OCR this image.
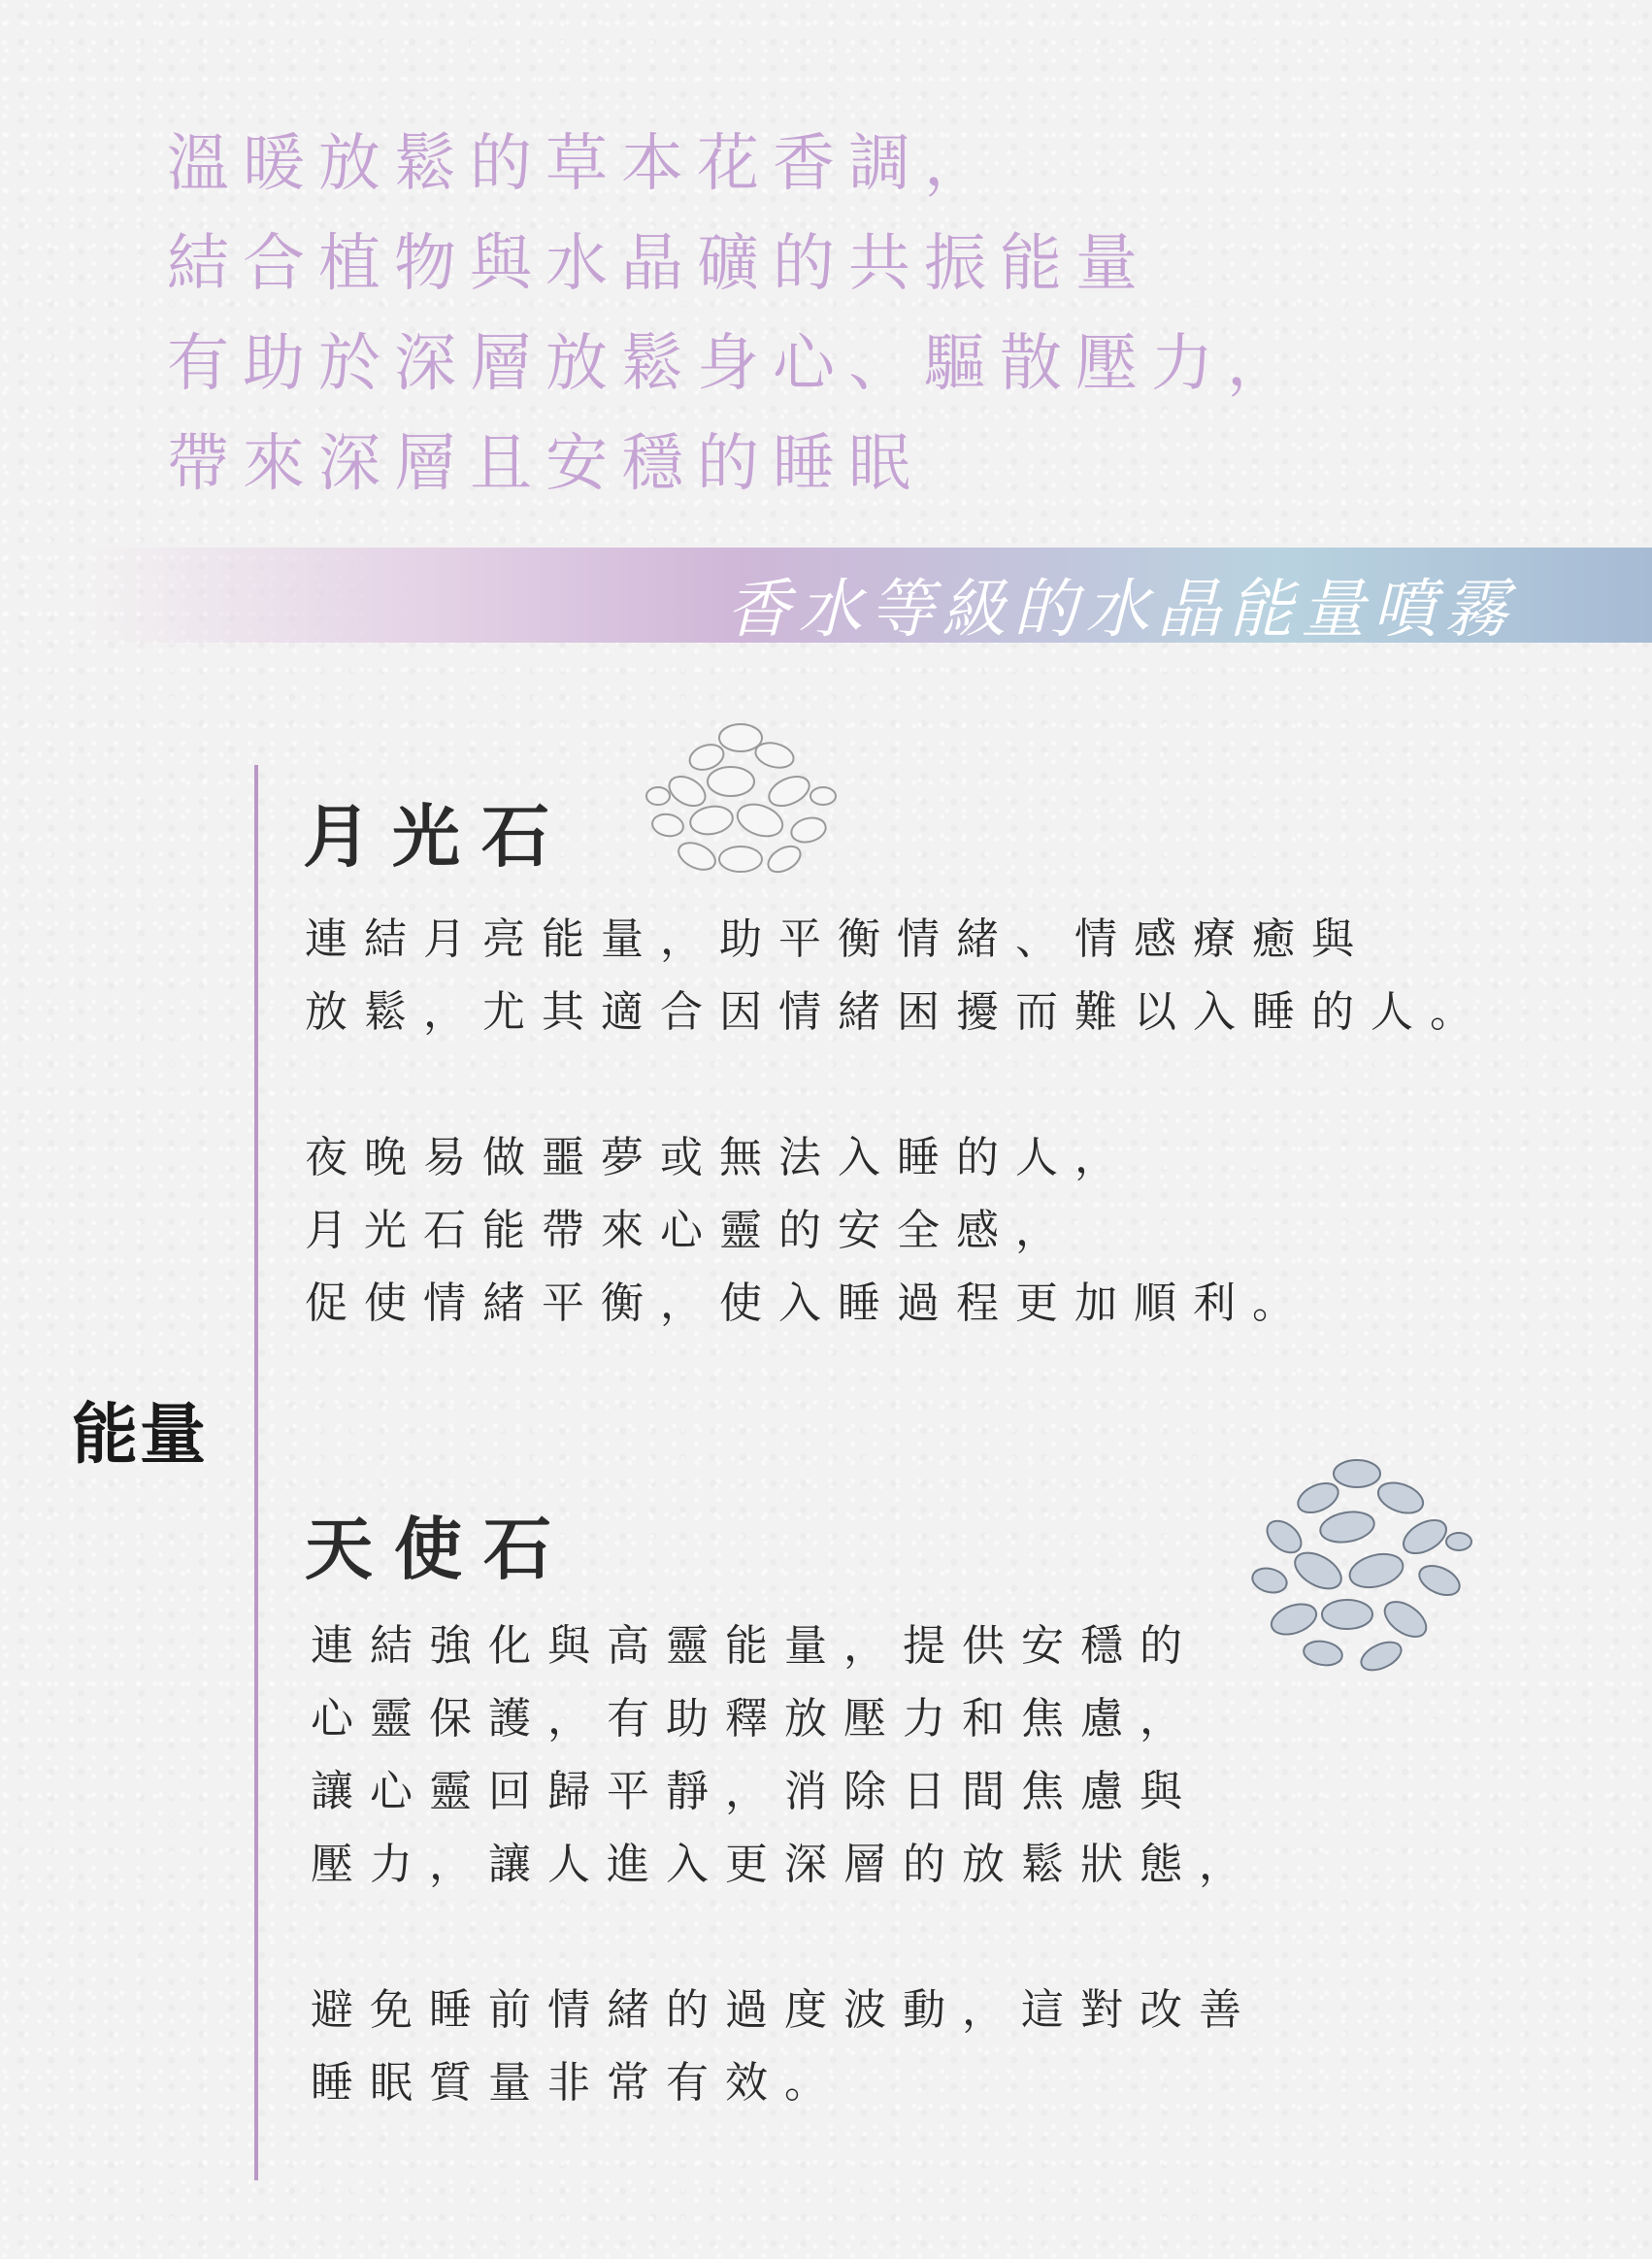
溫暖放鬆的草本花香調，
結合植物與水晶礦的共振能量
有助於深層放鬆身心、驅散壓力，
帶來深層且安穩的睡眠
香水等級的水晶能量噴霧
能量
月光石
連結月亮能量，助平衡情緒、情感療癒與
放鬆，尤其適合因情緒困擾而難以入睡的人。
夜晚易做噩夢或無法入睡的人，
月光石能帶來心靈的安全感，
促使情緒平衡，使入睡過程更加順利。
天使石
連結強化與高靈能量，提供安穩的
心靈保護，有助釋放壓力和焦慮，
讓心靈回歸平靜，消除日間焦慮與
壓力，讓人進入更深層的放鬆狀態，
避免睡前情緒的過度波動，這對改善
睡眠質量非常有效。
